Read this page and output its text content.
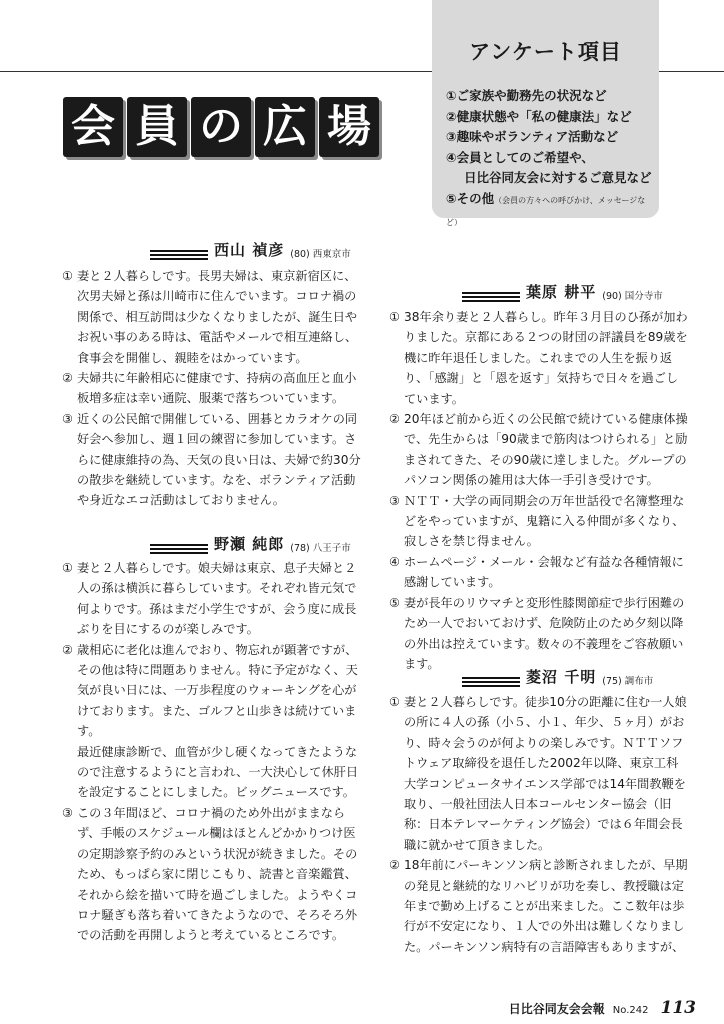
アンケート項目
①ご家族や勤務先の状況など
②健康状態や「私の健康法」など
③趣味やボランティア活動など
④会員としてのご希望や、
日比谷同友会に対するご意見など
⑤その他（会員の方々への呼びかけ、メッセージなど）
会 員 の 広 場
西山 禎彦 (80) 西東京市
① 妻と２人暮らしです。長男夫婦は、東京新宿区に、次男夫婦と孫は川崎市に住んでいます。コロナ禍の関係で、相互訪問は少なくなりましたが、誕生日やお祝い事のある時は、電話やメールで相互連絡し、食事会を開催し、親睦をはかっています。

② 夫婦共に年齢相応に健康です、持病の高血圧と血小板増多症は幸い通院、服薬で落ちついています。

③ 近くの公民館で開催している、囲碁とカラオケの同好会へ参加し、週１回の練習に参加しています。さらに健康維持の為、天気の良い日は、夫婦で約30分の散歩を継続しています。なを、ボランティア活動や身近なエコ活動はしておりません。

野瀬 純郎 (78) 八王子市
① 妻と２人暮らしです。娘夫婦は東京、息子夫婦と２人の孫は横浜に暮らしています。それぞれ皆元気で何よりです。孫はまだ小学生ですが、会う度に成長ぶりを目にするのが楽しみです。

② 歳相応に老化は進んでおり、物忘れが顕著ですが、その他は特に問題ありません。特に予定がなく、天気が良い日には、一万歩程度のウォーキングを心がけております。また、ゴルフと山歩きは続けています。

最近健康診断で、血管が少し硬くなってきたようなので注意するようにと言われ、一大決心して休肝日を設定することにしました。ビッグニュースです。

③ この３年間ほど、コロナ禍のため外出がままならず、手帳のスケジュール欄はほとんどかかりつけ医の定期診察予約のみという状況が続きました。そのため、もっぱら家に閉じこもり、読書と音楽鑑賞、それから絵を描いて時を過ごしました。ようやくコロナ騒ぎも落ち着いてきたようなので、そろそろ外での活動を再開しようと考えているところです。

葉原 耕平 (90) 国分寺市
① 38年余り妻と２人暮らし。昨年３月目のひ孫が加わりました。京都にある２つの財団の評議員を89歳を機に昨年退任しました。これまでの人生を振り返り、「感謝」と「恩を返す」気持ちで日々を過ごしています。

② 20年ほど前から近くの公民館で続けている健康体操で、先生からは「90歳まで筋肉はつけられる」と励まされてきた、その90歳に達しました。グループのパソコン関係の雑用は大体一手引き受けです。

③ ＮＴＴ・大学の両同期会の万年世話役で名簿整理などをやっていますが、鬼籍に入る仲間が多くなり、寂しさを禁じ得ません。

④ ホームページ・メール・会報など有益な各種情報に感謝しています。

⑤ 妻が長年のリウマチと変形性膝関節症で歩行困難のため一人でおいておけず、危険防止のため夕刻以降の外出は控えています。数々の不義理をご容赦願います。

菱沼 千明 (75) 調布市
① 妻と２人暮らしです。徒歩10分の距離に住む一人娘の所に４人の孫（小５、小１、年少、５ヶ月）がおり、時々会うのが何よりの楽しみです。ＮＴＴソフトウェア取締役を退任した2002年以降、東京工科大学コンピュータサイエンス学部では14年間教鞭を取り、一般社団法人日本コールセンター協会（旧称：日本テレマーケティング協会）では６年間会長職に就かせて頂きました。

② 18年前にパーキンソン病と診断されましたが、早期の発見と継続的なリハビリが功を奏し、教授職は定年まで勤め上げることが出来ました。ここ数年は歩行が不安定になり、１人での外出は難しくなりました。パーキンソン病特有の言語障害もありますが、

日比谷同友会会報 No.242 113
